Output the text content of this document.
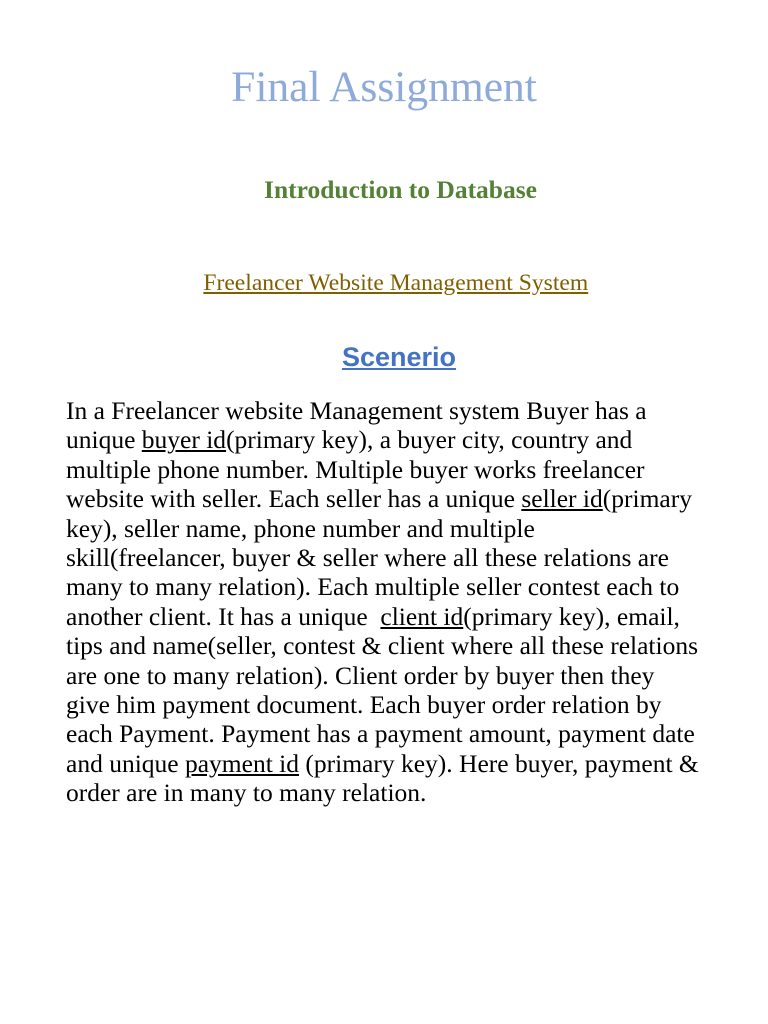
Final Assignment
Introduction to Database

Freelancer Website Management System

Scenerio

In a Freelancer website Management system Buyer has a
unique buyer id(primary key), a buyer city, country and
multiple phone number. Multiple buyer works freelancer
website with seller. Each seller has a unique seller id(primary
key), seller name, phone number and multiple
skill(freelancer, buyer & seller where all these relations are
many to many relation). Each multiple seller contest each to
another client. It has a unique  client id(primary key), email,
tips and name(seller, contest & client where all these relations
are one to many relation). Client order by buyer then they
give him payment document. Each buyer order relation by
each Payment. Payment has a payment amount, payment date
and unique payment id (primary key). Here buyer, payment &
order are in many to many relation.
